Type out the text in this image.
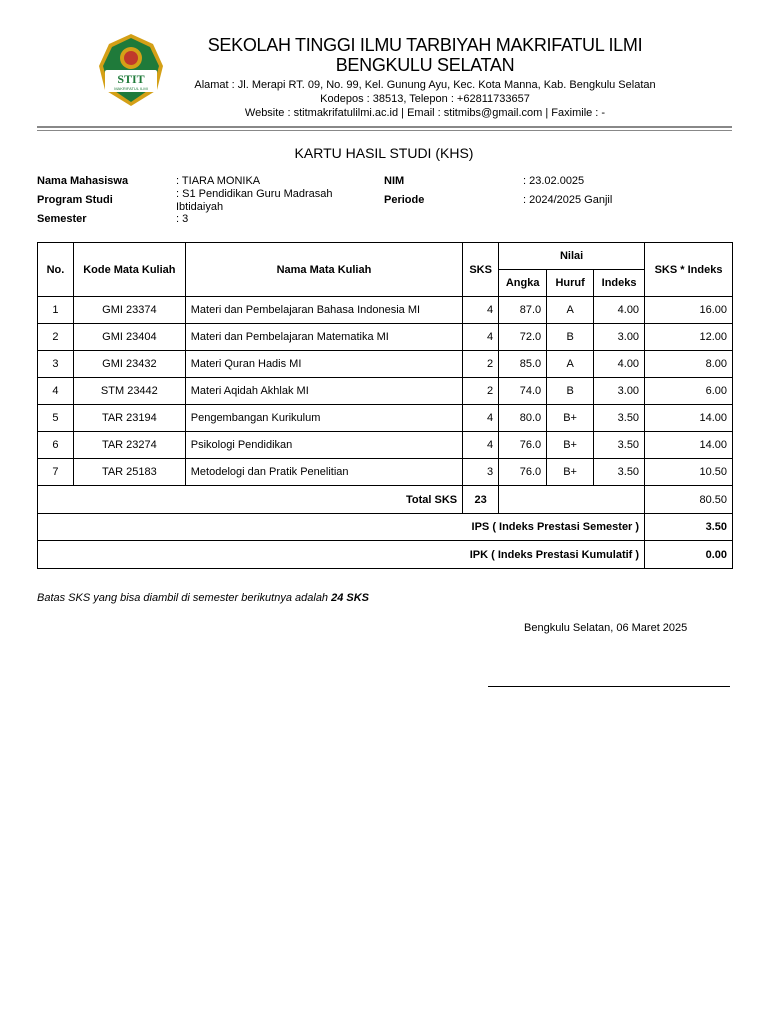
STIT
MAKRIFATUL ILMI
SEKOLAH TINGGI ILMU TARBIYAH MAKRIFATUL ILMI
BENGKULU SELATAN
Alamat : Jl. Merapi RT. 09, No. 99, Kel. Gunung Ayu, Kec. Kota Manna, Kab. Bengkulu Selatan
Kodepos : 38513, Telepon : +62811733657
Website : stitmakrifatulilmi.ac.id | Email : stitmibs@gmail.com | Faximile : -
KARTU HASIL STUDI (KHS)
Nama Mahasiswa	: TIARA MONIKA
Program Studi	: S1 Pendidikan Guru Madrasah
Ibtidaiyah
Semester	: 3
NIM	: 23.02.0025
Periode	: 2024/2025 Ganjil
No.	Kode Mata Kuliah	Nama Mata Kuliah	SKS	Nilai			SKS * Indeks
				Angka	Huruf	Indeks	
1	GMI 23374	Materi dan Pembelajaran Bahasa Indonesia MI	4	87.0	A	4.00	16.00
2	GMI 23404	Materi dan Pembelajaran Matematika MI	4	72.0	B	3.00	12.00
3	GMI 23432	Materi Quran Hadis MI	2	85.0	A	4.00	8.00
4	STM 23442	Materi Aqidah Akhlak MI	2	74.0	B	3.00	6.00
5	TAR 23194	Pengembangan Kurikulum	4	80.0	B+	3.50	14.00
6	TAR 23274	Psikologi Pendidikan	4	76.0	B+	3.50	14.00
7	TAR 25183	Metodelogi dan Pratik Penelitian	3	76.0	B+	3.50	10.50
Total SKS			23				80.50
IPS ( Indeks Prestasi Semester )							3.50
IPK ( Indeks Prestasi Kumulatif )							0.00
Batas SKS yang bisa diambil di semester berikutnya adalah 24 SKS
Bengkulu Selatan, 06 Maret 2025
